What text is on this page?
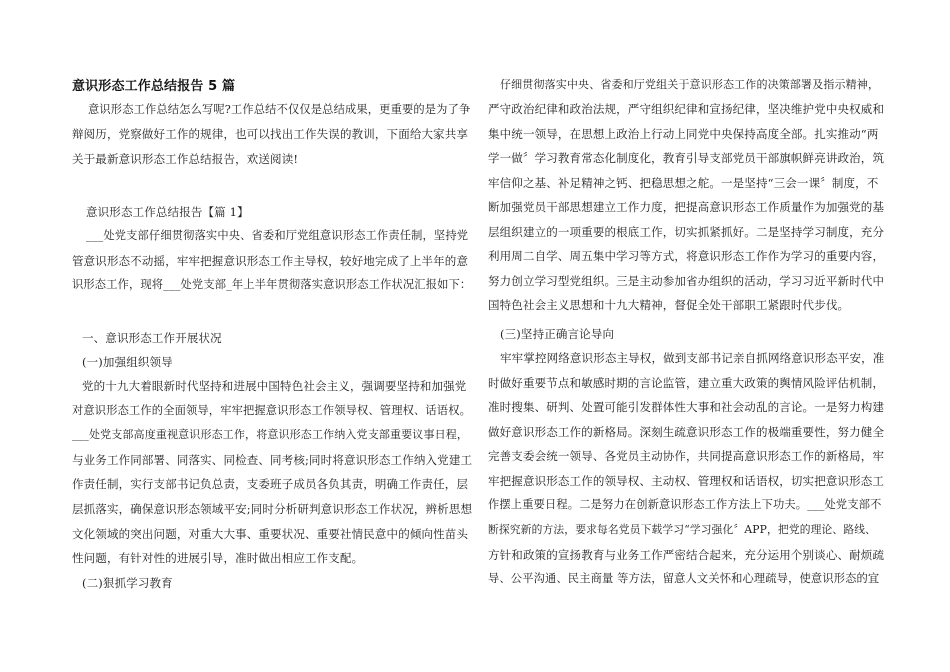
意识形态工作总结报告 5 篇
意识形态工作总结怎么写呢?工作总结不仅仅是总结成果，更重要的是为了争
辩阅历，党察做好工作的规律，也可以找出工作失误的教训，下面给大家共享
关于最新意识形态工作总结报告，欢送阅读!
意识形态工作总结报告【篇 1】
___处党支部仔细贯彻落实中央、省委和厅党组意识形态工作责任制，坚持党
管意识形态不动摇，牢牢把握意识形态工作主导权，较好地完成了上半年的意
识形态工作，现将___处党支部_年上半年贯彻落实意识形态工作状况汇报如下：
一、意识形态工作开展状况
(一)加强组织领导
党的十九大着眼新时代坚持和进展中国特色社会主义，强调要坚持和加强党
对意识形态工作的全面领导，牢牢把握意识形态工作领导权、管理权、话语权。
___处党支部高度重视意识形态工作，将意识形态工作纳入党支部重要议事日程，
与业务工作同部署、同落实、同检查、同考核;同时将意识形态工作纳入党建工
作责任制，实行支部书记负总责，支委班子成员各负其责，明确工作责任，层
层抓落实，确保意识形态领域平安;同时分析研判意识形态工作状况，辨析思想
文化领域的突出问题，对重大大事、重要状况、重要社情民意中的倾向性苗头
性问题，有针对性的进展引导，准时做出相应工作支配。
(二)狠抓学习教育
仔细贯彻落实中央、省委和厅党组关于意识形态工作的决策部署及指示精神，
严守政治纪律和政治法规，严守组织纪律和宣扬纪律，坚决维护党中央权威和
集中统一领导，在思想上政治上行动上同党中央保持高度全部。扎实推动“两
学一做〞学习教育常态化制度化，教育引导支部党员干部旗帜鲜亮讲政治，筑
牢信仰之基、补足精神之钙、把稳思想之舵。一是坚持“三会一课〞制度，不
断加强党员干部思想建立工作力度，把提高意识形态工作质量作为加强党的基
层组织建立的一项重要的根底工作，切实抓紧抓好。二是坚持学习制度，充分
利用周二自学、周五集中学习等方式，将意识形态工作作为学习的重要内容，
努力创立学习型党组织。三是主动参加省办组织的活动，学习习近平新时代中
国特色社会主义思想和十九大精神，督促全处干部职工紧跟时代步伐。
(三)坚持正确言论导向
牢牢掌控网络意识形态主导权，做到支部书记亲自抓网络意识形态平安，准
时做好重要节点和敏感时期的言论监管，建立重大政策的舆情风险评估机制，
准时搜集、研判、处置可能引发群体性大事和社会动乱的言论。一是努力构建
做好意识形态工作的新格局。深刻生疏意识形态工作的极端重要性，努力健全
完善支委会统一领导、各党员主动协作，共同提高意识形态工作的新格局，牢
牢把握意识形态工作的领导权、主动权、管理权和话语权，切实把意识形态工
作摆上重要日程。二是努力在创新意识形态工作方法上下功夫。___处党支部不
断探究新的方法，要求每名党员下载学习“学习强化〞APP，把党的理论、路线、
方针和政策的宣扬教育与业务工作严密结合起来，充分运用个别谈心、耐烦疏
导、公平沟通、民主商量 等方法，留意人文关怀和心理疏导，使意识形态的宜
